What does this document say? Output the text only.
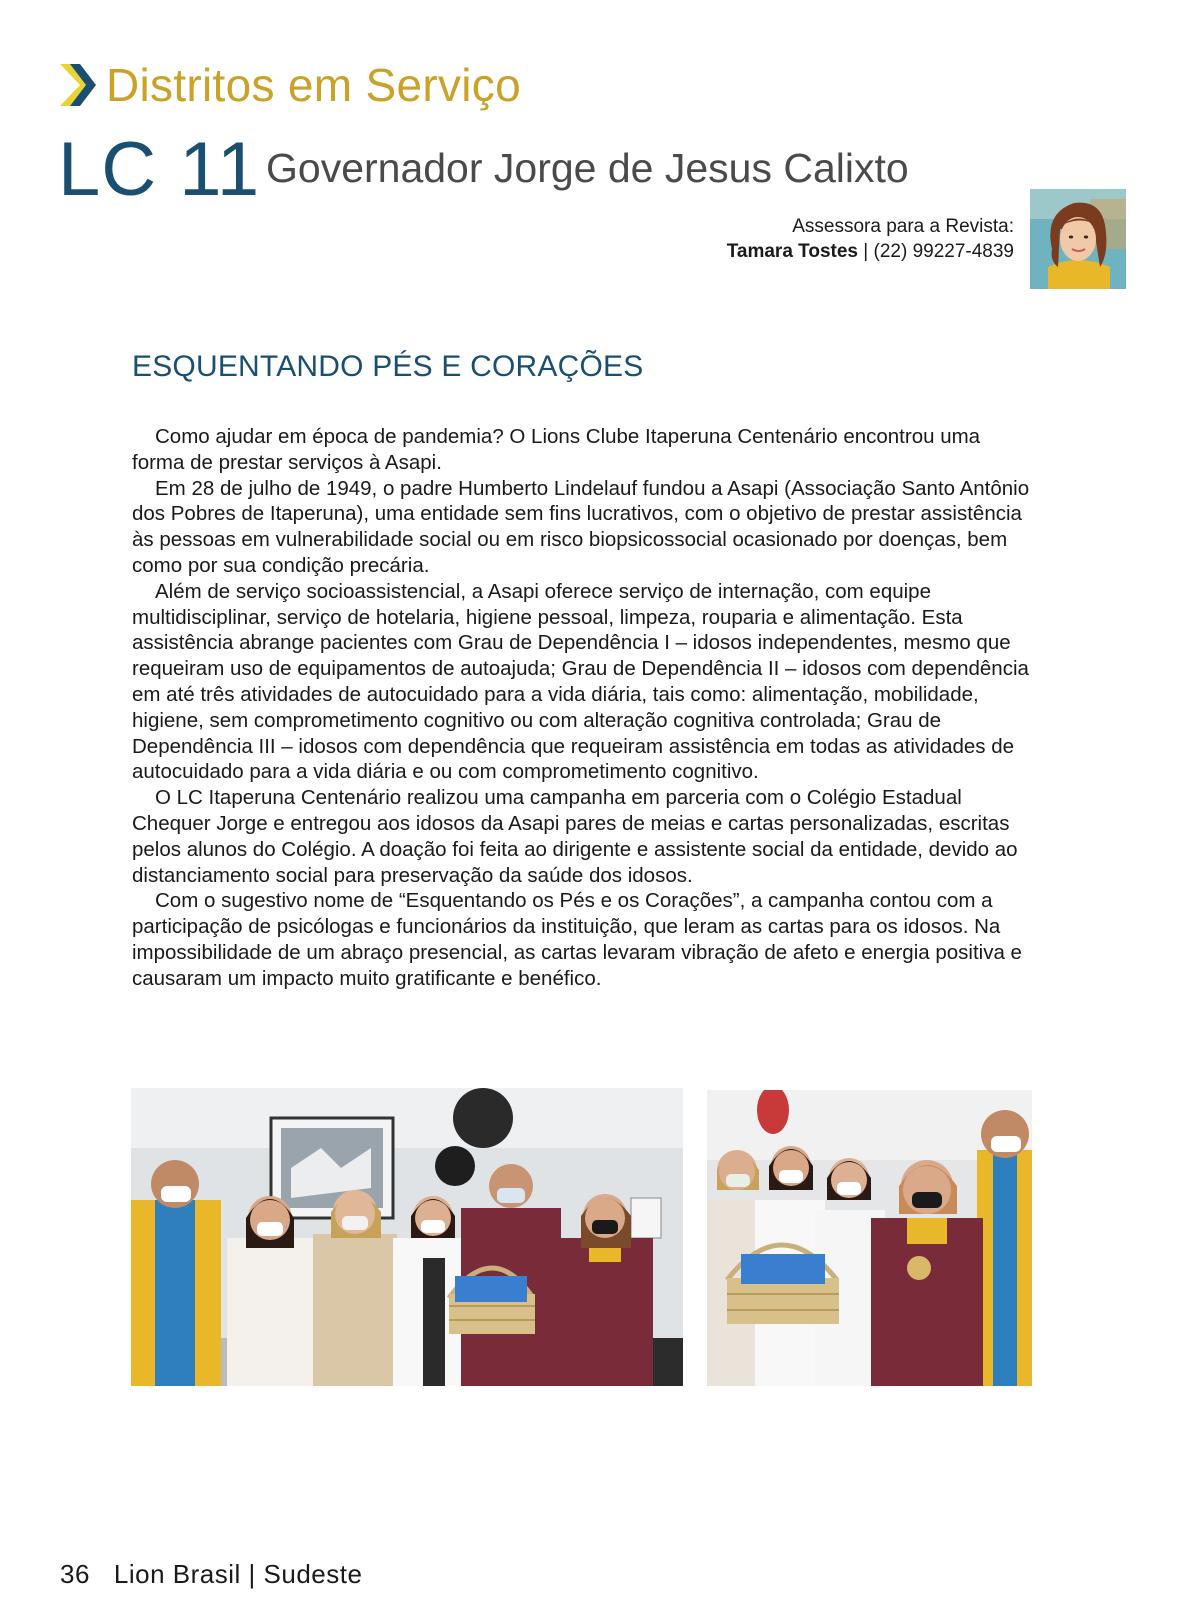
Distritos em Serviço
LC 11 Governador Jorge de Jesus Calixto
Assessora para a Revista:
Tamara Tostes | (22) 99227-4839
ESQUENTANDO PÉS E CORAÇÕES

Como ajudar em época de pandemia? O Lions Clube Itaperuna Centenário encontrou uma forma de prestar serviços à Asapi.

Em 28 de julho de 1949, o padre Humberto Lindelauf fundou a Asapi (Associação Santo Antônio dos Pobres de Itaperuna), uma entidade sem fins lucrativos, com o objetivo de prestar assistência às pessoas em vulnerabilidade social ou em risco biopsicossocial ocasionado por doenças, bem como por sua condição precária.

Além de serviço socioassistencial, a Asapi oferece serviço de internação, com equipe multidisciplinar, serviço de hotelaria, higiene pessoal, limpeza, rouparia e alimentação. Esta assistência abrange pacientes com Grau de Dependência I – idosos independentes, mesmo que requeiram uso de equipamentos de autoajuda; Grau de Dependência II – idosos com dependência em até três atividades de autocuidado para a vida diária, tais como: alimentação, mobilidade, higiene, sem comprometimento cognitivo ou com alteração cognitiva controlada; Grau de Dependência III – idosos com dependência que requeiram assistência em todas as atividades de autocuidado para a vida diária e ou com comprometimento cognitivo.

O LC Itaperuna Centenário realizou uma campanha em parceria com o Colégio Estadual Chequer Jorge e entregou aos idosos da Asapi pares de meias e cartas personalizadas, escritas pelos alunos do Colégio. A doação foi feita ao dirigente e assistente social da entidade, devido ao distanciamento social para preservação da saúde dos idosos.

Com o sugestivo nome de “Esquentando os Pés e os Corações”, a campanha contou com a participação de psicólogas e funcionários da instituição, que leram as cartas para os idosos. Na impossibilidade de um abraço presencial, as cartas levaram vibração de afeto e energia positiva e causaram um impacto muito gratificante e benéfico.

36 Lion Brasil | Sudeste
